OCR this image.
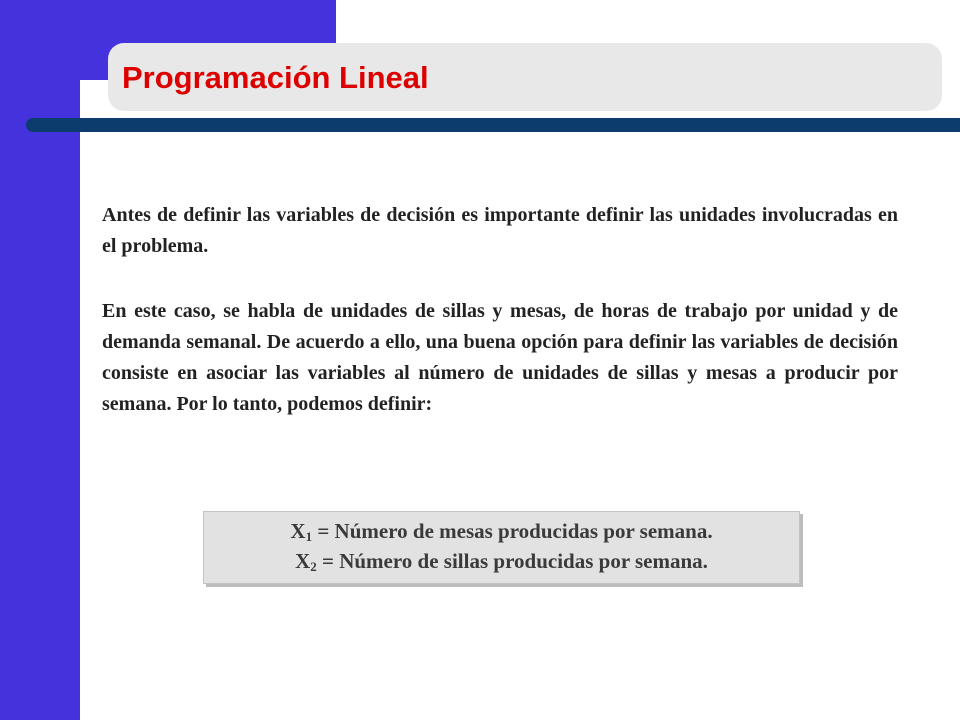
Programación Lineal

Antes de definir las variables de decisión es importante definir las unidades involucradas en el problema.

En este caso, se habla de unidades de sillas y mesas, de horas de trabajo por unidad y de demanda semanal. De acuerdo a ello, una buena opción para definir las variables de decisión consiste en asociar las variables al número de unidades de sillas y mesas a producir por semana. Por lo tanto, podemos definir:

$X_1$ = Número de mesas producidas por semana.
$X_2$ = Número de sillas producidas por semana.
